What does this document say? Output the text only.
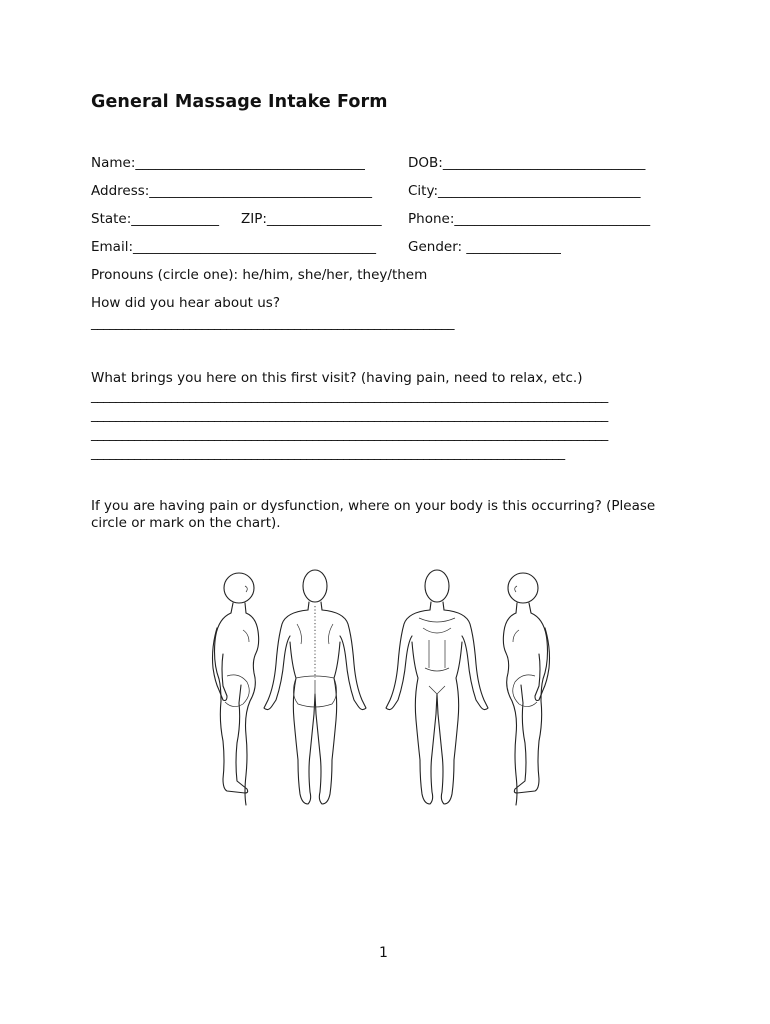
General Massage Intake Form
Name:__________________________________	DOB:______________________________
Address:_________________________________	City:______________________________
State:_____________ ZIP:_________________ Phone:_____________________________
Email:____________________________________ Gender: ______________
Pronouns (circle one): he/him, she/her, they/them
How did you hear about us?
___________________________________________________________
What brings you here on this first visit? (having pain, need to relax, etc.)
____________________________________________________________________________________
____________________________________________________________________________________
____________________________________________________________________________________
_____________________________________________________________________________
If you are having pain or dysfunction, where on your body is this occurring? (Please
circle or mark on the chart).
1
